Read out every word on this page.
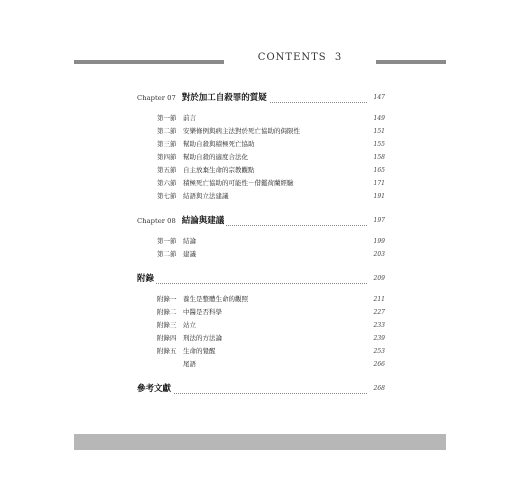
CONTENTS 3
Chapter 07 對於加工自殺罪的質疑	147
第一節 前言	149
第二節 安樂條例與病主法對於死亡協助的侷限性	151
第三節 幫助自殺與積極死亡協助	155
第四節 幫助自殺的適度合法化	158
第五節 自主放棄生命的宗教觀點	165
第六節 積極死亡協助的可能性－借鑑荷蘭經驗	171
第七節 結語與立法建議	191
Chapter 08 結論與建議	197
第一節 結論	199
第二節 建議	203
附錄	209
附錄一 養生是整體生命的觀照	211
附錄二 中醫是否科學	227
附錄三 站立	233
附錄四 刑法的方法論	239
附錄五 生命的覺醒	253
尾語	266
參考文獻	268
